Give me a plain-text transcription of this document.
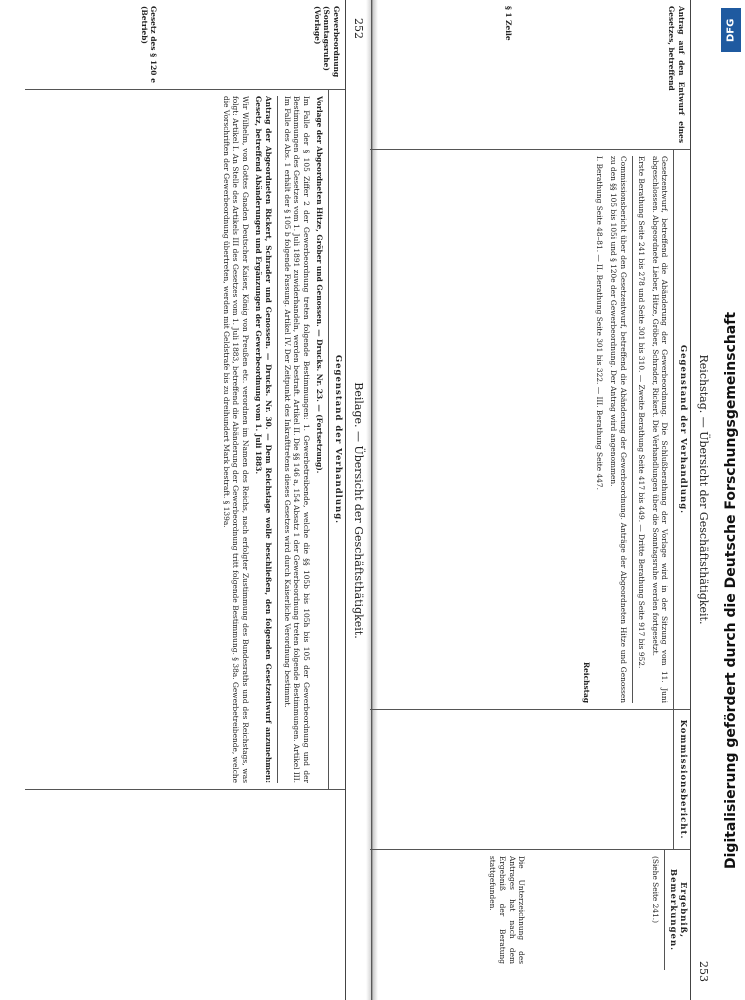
252
Beilage. — Übersicht der Geschäftsthätigkeit.
Gewerbeordnung (Sonntagsruhe) (Vorlage)
Gesetz des § 120 e (Betrieb)
Gegenstand der Verhandlung.
Vorlage der Abgeordneten Hitze, Gröber und Genossen. — Drucks. Nr. 23. — (Fortsetzung).
Im Falle der § 105 Ziffer 2 der Gewerbeordnung treten folgende Bestimmungen: 1. Gewerbetreibende, welche die §§ 105b bis 105h bis 105 der Gewerbeordnung und der Bestimmungen des Gesetzes vom 1. Juli 1891 zuwiderhandeln, werden bestraft. Artikel II. Die §§ 146 a, 154 Absatz 1 der Gewerbeordnung treten folgende Bestimmungen. Artikel III. Im Falle des Abs. 1 erhält der § 105 b folgende Fassung. Artikel IV. Der Zeitpunkt des Inkrafttretens dieses Gesetzes wird durch Kaiserliche Verordnung bestimmt.
Antrag der Abgeordneten Rickert, Schrader und Genossen. — Drucks. Nr. 30. — Dem Reichstage wolle beschließen, den folgenden Gesetzentwurf anzunehmen: Gesetz, betreffend Abänderungen und Ergänzungen der Gewerbeordnung vom 1. Juli 1883.
Wir Wilhelm, von Gottes Gnaden Deutscher Kaiser, König von Preußen etc. verordnen im Namen des Reichs, nach erfolgter Zustimmung des Bundesraths und des Reichstags, was folgt: Artikel I. An Stelle des Artikels III des Gesetzes vom 1. Juli 1883, betreffend die Abänderung der Gewerbeordnung tritt folgende Bestimmung. § 38a. Gewerbetreibende, welche die Vorschriften der Gewerbeordnung übertreten, werden mit Geldstrafe bis zu dreihundert Mark bestraft. § 139a.	Reichstag. — Übersicht der Geschäftsthätigkeit.
253
Antrag auf den Entwurf eines Gesetzes, betreffend
§ 1 Zeile
Gegenstand der Verhandlung.
Gesetzentwurf, betreffend die Abänderung der Gewerbeordnung. Die Schlußberathung der Vorlage wird in der Sitzung vom 11. Juni abgeschlossen. Abgeordnete Lieber, Hitze, Gröber, Schrader, Rickert. Die Verhandlungen über die Sonntagsruhe werden fortgesetzt.
Erste Berathung Seite 241 bis 278 und Seite 301 bis 310. — Zweite Berathung Seite 417 bis 449. — Dritte Berathung Seite 917 bis 952.
Commissionsbericht über den Gesetzentwurf, betreffend die Abänderung der Gewerbeordnung. Anträge der Abgeordneten Hitze und Genossen zu den §§ 105 bis 105i und § 120e der Gewerbeordnung. Der Antrag wird angenommen.
I. Berathung Seite 48–81. — II. Berathung Seite 301 bis 322. — III. Berathung Seite 447.
Reichstag
Kommissionsbericht.
Ergebniß, Bemerkungen.
(Siehe Seite 241.)
Die Unterzeichnung des Antrages hat nach dem Ergebniß der Beratung stattgefunden.
DFG
Digitalisierung gefördert durch die Deutsche Forschungsgemeinschaft
